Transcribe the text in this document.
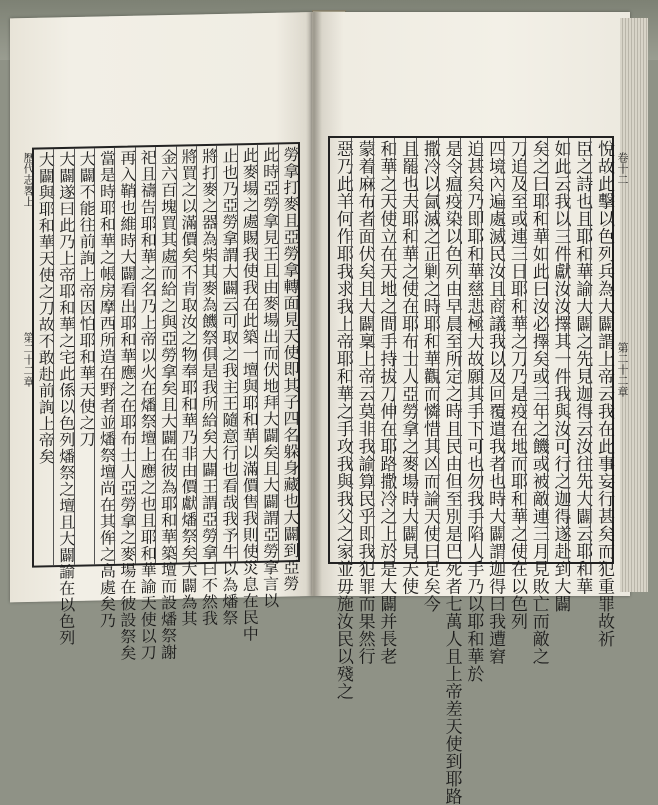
悅故此擊以色列兵為大闢謂上帝云我在此事妄行甚矣而犯重罪故祈
臣之詩也且耶和華諭大闢之先見迦得云汝往先大闢云耶和華
如此云我以三件獻汝汝擇其一件我與汝可行之迦得遂赴到大闢
矣之曰耶和華如此曰汝必擇矣或三年之饑或被敵連三月見敗亡而敵之
刀追及至或連三日耶和華之刀乃是疫在地而耶和華之使在以色列
四境內遍處滅民汝且商議我以及回覆遣我者也時大闢謂迦得曰我遭窘
迫甚矣乃即耶和華慈悲極大故願其手下可也勿我手陷人手乃以耶和華於
是令瘟疫染以色列由早晨至所定之時且民由但至別是巴死者七萬人且上帝差天使到耶路
撒冷以氤滅之正剿之時耶和華觀而憐惜其凶而論天使曰足矣今
且罷也夫耶和華之使在耶布士人亞勞拿之麥場時大闢見天使
和華之天使立在天地之間手持拔刀伸在耶路撒冷之上於是大闢并長老
蒙着麻布者面伏矣且大闢稟上帝云莫非我諭算民乎即我犯罪而果然行
惡乃此羊何作耶我求我上帝耶和華之手攻我與我父之家並毋施汝民以殘之
勞拿打麥且亞勞拿轉面見天使即其子四名躲身藏也大闢到亞勞
此時亞勞拿見王且由麥場出而伏地拜大闢矣且大闢謂亞勞拿言以
此麥場之處賜我使我在此築一壇與耶和華以滿價售我則使災息在民中
止也乃亞勞拿謂大闢云可取之我主王隨意行也看哉我予牛以為燔祭
將打麥之器為柴其麥為饑祭俱是我所給矣大闢王謂亞勞拿曰不然我
將買之以滿價矣不肯取汝之物奉耶和華乃非由價獻燔祭矣大闢為其
金六百塊買其處而給之與亞勞拿矣且大闢在彼為耶和華築壇而設燔祭謝
祀且禱告耶和華之名乃上帝以火在燔祭壇上應之也且耶和華諭天使以刀
再入鞘也維時大闢看出耶和華應之在耶布士人亞勞拿之麥場在彼設祭矣
當是時耶和華之帳房摩西所造在野者並燔祭壇尚在其侔之高處矣乃
大闢不能往前詢上帝因怕耶和華天使之刀
大闢遂曰此乃上帝耶和華之宅此係以色列燔祭之壇且大闢諭在以色列
大闢與耶和華天使之刀故不敢赴前詢上帝矣	卷十二
第二十二章
歷代志畧上
第二十二章
